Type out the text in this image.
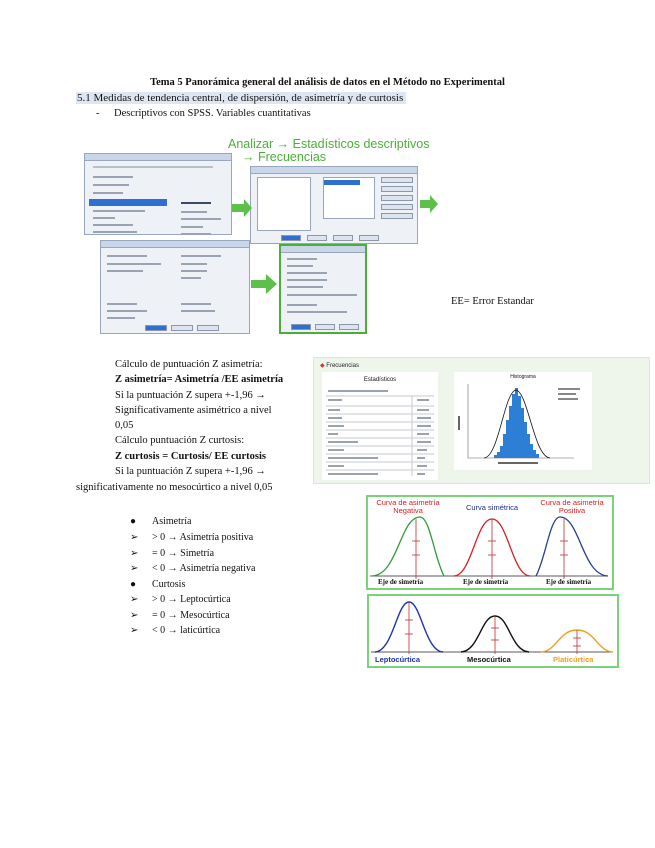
Tema 5 Panorámica general del análisis de datos en el Método no Experimental
5.1 Medidas de tendencia central, de dispersión, de asimetría y de curtosis
- Descriptivos con SPSS. Variables cuantitativas
Analizar → Estadísticos descriptivos
→ Frecuencias
EE= Error Estandar
Cálculo de puntuación Z asimetría:
Z asimetría= Asimetría /EE asimetría
Si la puntuación Z supera +-1,96 →
Significativamente asimétrico a nivel
0,05
Cálculo puntuación Z curtosis:
Z curtosis = Curtosis/ EE curtosis
Si la puntuación Z supera +-1,96 →
significativamente no mesocúrtico a nivel 0,05
◆ Frecuencias
Estadísticos	Histograma
● Asimetría
➢ > 0 → Asimetría positiva
➢ = 0 → Simetría
➢ < 0 → Asimetría negativa
● Curtosis
➢ > 0 → Leptocúrtica
➢ = 0 → Mesocúrtica
➢ < 0 → laticúrtica
Curva de asimetría
Negativa	Curva simétrica
Curva de asimetría
Positiva
Eje de simetría	Eje de simetría	Eje de simetría
Leptocúrtica	Mesocúrtica	Platicúrtica
